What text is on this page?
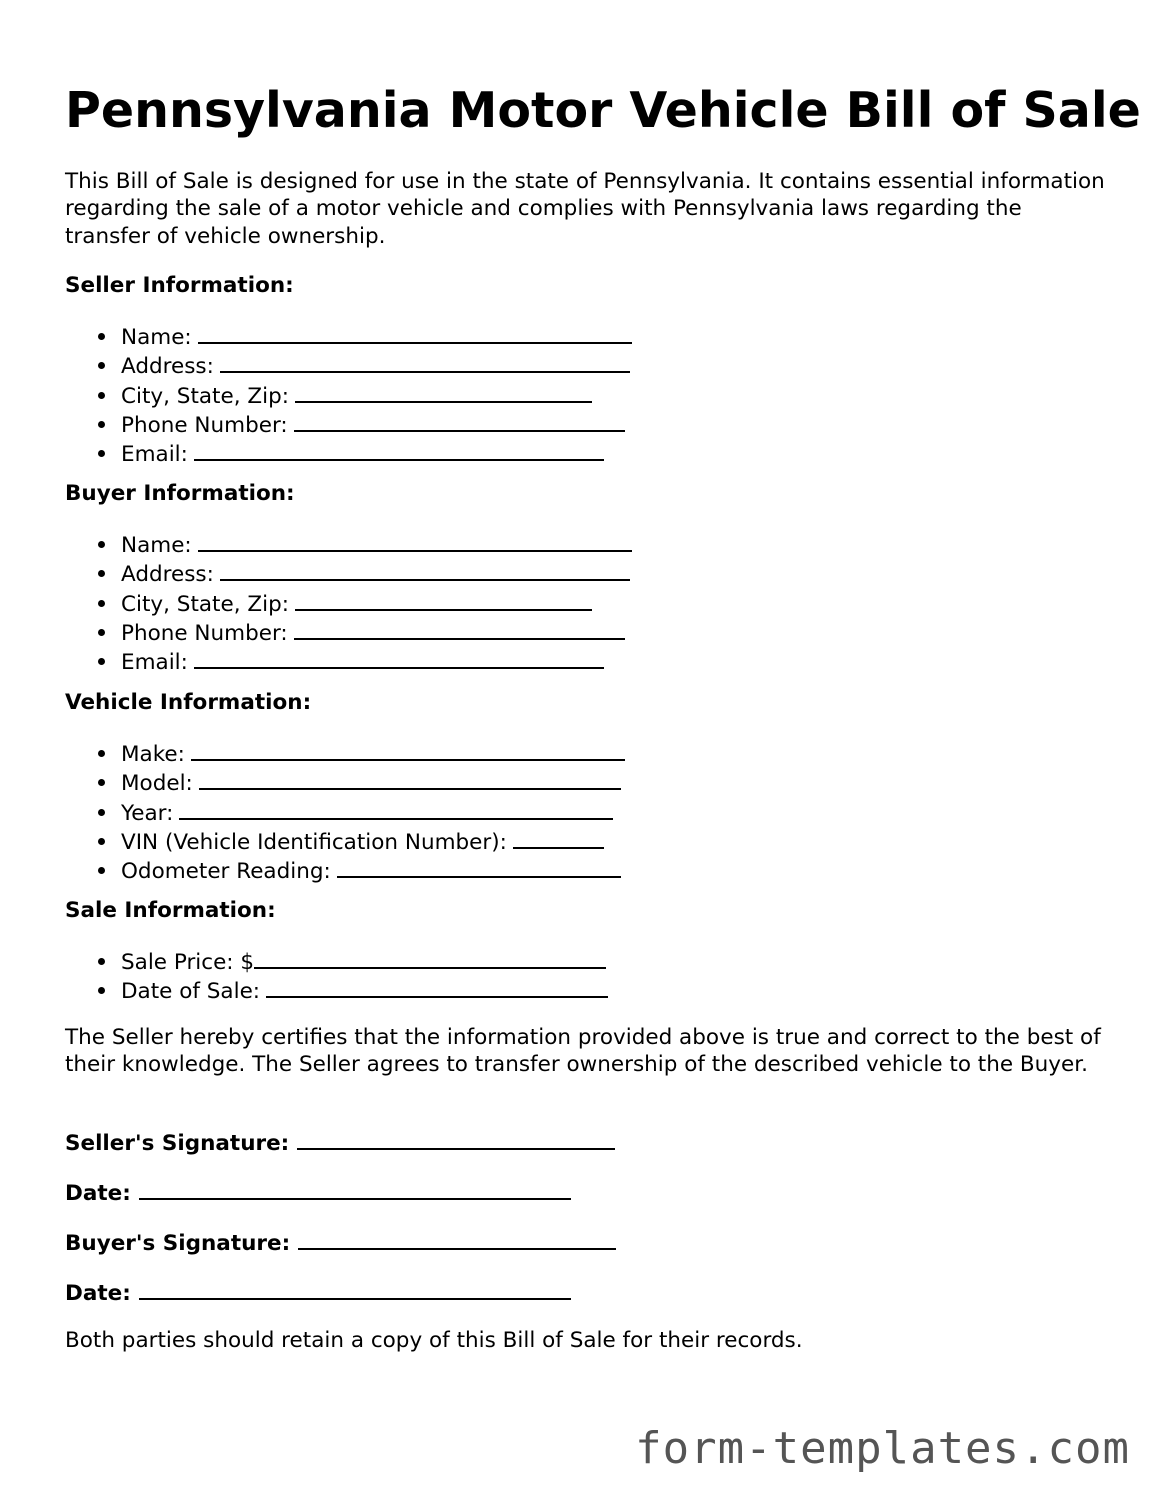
Pennsylvania Motor Vehicle Bill of Sale

This Bill of Sale is designed for use in the state of Pennsylvania. It contains essential information regarding the sale of a motor vehicle and complies with Pennsylvania laws regarding the transfer of vehicle ownership.

Seller Information:

Name:
Address:
City, State, Zip:
Phone Number:
Email:

Buyer Information:

Name:
Address:
City, State, Zip:
Phone Number:
Email:

Vehicle Information:

Make:
Model:
Year:
VIN (Vehicle Identification Number):
Odometer Reading:

Sale Information:

Sale Price: $
Date of Sale:

The Seller hereby certifies that the information provided above is true and correct to the best of their knowledge. The Seller agrees to transfer ownership of the described vehicle to the Buyer.

Seller's Signature:

Date:

Buyer's Signature:

Date:

Both parties should retain a copy of this Bill of Sale for their records.

form-templates.com
